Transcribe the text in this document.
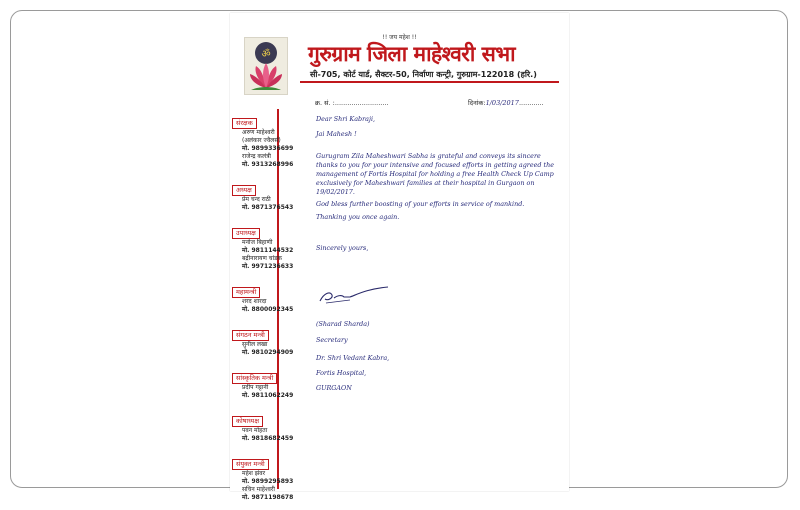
!! जय महेश !!
ॐ गुरुग्राम जिला माहेश्वरी सभा
सी-705, कोर्ट यार्ड, सैक्टर-50, निर्वाणा कन्ट्री, गुरुग्राम-122018 (हरि.)
संरक्षक
अरुण माहेश्वरी
(अलंकार ज्वैलर्स)
मो. 9899336699
राजेन्द्र कलंत्री
मो. 9313268996
अध्यक्ष
प्रेम चन्द राठी
मो. 9871376543
उपाध्यक्ष
मनोज बिहाणी
मो. 9811144532
बद्रीनारायण चांडक
मो. 9971236633
महामन्त्री
शरद शारदा
मो. 8800092345
संगठन मन्त्री
सुनील लखा
मो. 9810294909
सांस्कृतिक मन्त्री
प्रदीप गट्टानी
मो. 9811062249
कोषाध्यक्ष
पवन मोहता
मो. 9818682459
संयुक्त मन्त्री
महेश झंवर
मो. 9899295893
सचिन माहेश्वरी
मो. 9871198678
क्र. सं. :..........................	दिनांक:1/03/2017............

Dear Shri Kabraji,

Jai Mahesh !

Gurugram Zila Maheshwari Sabha is grateful and conveys its sincere thanks to you for your intensive and focused efforts in getting agreed the management of Fortis Hospital for holding a free Health Check Up Camp exclusively for Maheshwari families at their hospital in Gurgaon on 19/02/2017.

God bless further boosting of your efforts in service of mankind.

Thanking you once again.

Sincerely yours,

(Sharad Sharda)
Secretary
Dr. Shri Vedant Kabra,
Fortis Hospital,
GURGAON
